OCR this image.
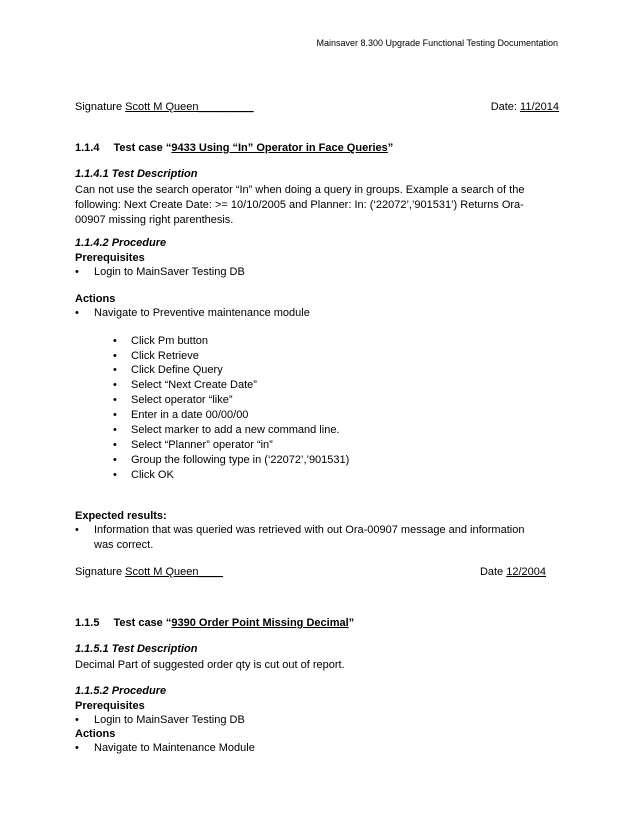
Mainsaver 8.300 Upgrade Functional Testing Documentation
Signature Scott M Queen_________	Date: 11/2014
1.1.4 Test case “9433 Using “In” Operator in Face Queries”
1.1.4.1 Test Description
Can not use the search operator “In” when doing a query in groups. Example a search of the
following: Next Create Date: >= 10/10/2005 and Planner: In: (‘22072’,’901531’) Returns Ora-
00907 missing right parenthesis.
1.1.4.2 Procedure
Prerequisites
• Login to MainSaver Testing DB
Actions
• Navigate to Preventive maintenance module
• Click Pm button
• Click Retrieve
• Click Define Query
• Select “Next Create Date”
• Select operator “like”
• Enter in a date 00/00/00
• Select marker to add a new command line.
• Select “Planner” operator “in”
• Group the following type in (‘22072’,’901531)
• Click OK
Expected results:
• Information that was queried was retrieved with out Ora-00907 message and information
was correct.
Signature Scott M Queen____	Date 12/2004
1.1.5 Test case “9390 Order Point Missing Decimal”
1.1.5.1 Test Description
Decimal Part of suggested order qty is cut out of report.
1.1.5.2 Procedure
Prerequisites
• Login to MainSaver Testing DB
Actions
• Navigate to Maintenance Module
